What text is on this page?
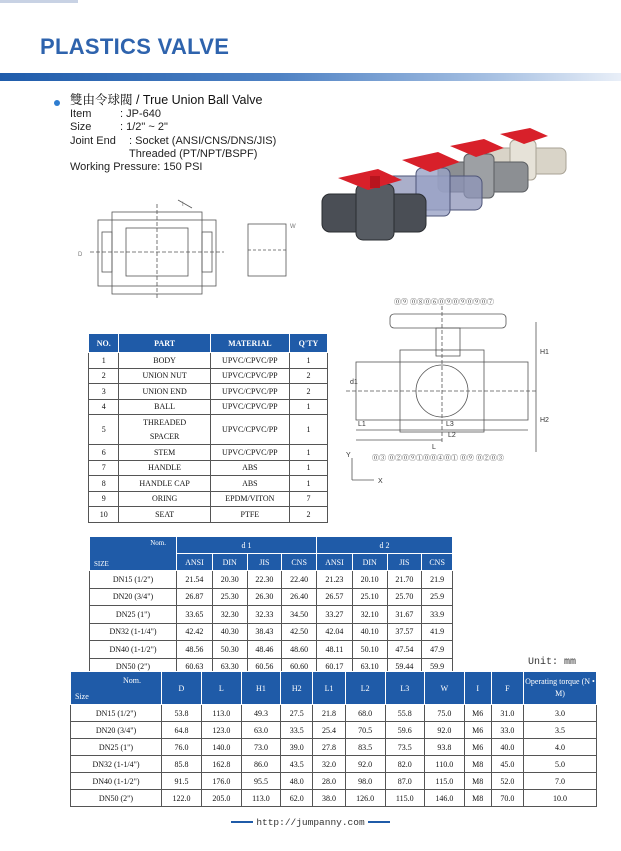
PLASTICS VALVE
雙由令球閥 / True Union Ball Valve
Item	: JP-640
Size	: 1/2" ~ 2"
Joint End : Socket (ANSI/CNS/DNS/JIS)
Threaded (PT/NPT/BSPF)
Working Pressure: 150 PSI
D
I
W
⓪⑨ ⓪⑧⓪⑥⓪⑨⓪⑨⓪⑨⓪⑦
⓪③ ⓪②⓪⑨①⓪⓪④⓪① ⓪⑨ ⓪②⓪③
H1
H2
L1	L3
L2
L
d1
Y
X
NO.	PART	MATERIAL	Q'TY
1	BODY	UPVC/CPVC/PP	1
2	UNION NUT	UPVC/CPVC/PP	2
3	UNION END	UPVC/CPVC/PP	2
4	BALL	UPVC/CPVC/PP	1
5	THREADED SPACER	UPVC/CPVC/PP	1
6	STEM	UPVC/CPVC/PP	1
7	HANDLE	ABS	1
8	HANDLE CAP	ABS	1
9	ORING	EPDM/VITON	7
10	SEAT	PTFE	2
Nom.
SIZE	d 1				d 2			
	ANSI	DIN	JIS	CNS	ANSI	DIN	JIS	CNS
DN15 (1/2")	21.54	20.30	22.30	22.40	21.23	20.10	21.70	21.9
DN20 (3/4")	26.87	25.30	26.30	26.40	26.57	25.10	25.70	25.9
DN25 (1")	33.65	32.30	32.33	34.50	33.27	32.10	31.67	33.9
DN32 (1-1/4")	42.42	40.30	38.43	42.50	42.04	40.10	37.57	41.9
DN40 (1-1/2")	48.56	50.30	48.46	48.60	48.11	50.10	47.54	47.9
DN50 (2")	60.63	63.30	60.56	60.60	60.17	63.10	59.44	59.9	Unit: mm
Nom.
Size	D	L	H1	H2	L1	L2	L3	W	I	F	Operating torque (N • M)
DN15 (1/2")	53.8	113.0	49.3	27.5	21.8	68.0	55.8	75.0	M6	31.0	3.0
DN20 (3/4")	64.8	123.0	63.0	33.5	25.4	70.5	59.6	92.0	M6	33.0	3.5
DN25 (1")	76.0	140.0	73.0	39.0	27.8	83.5	73.5	93.8	M6	40.0	4.0
DN32 (1-1/4")	85.8	162.8	86.0	43.5	32.0	92.0	82.0	110.0	M8	45.0	5.0
DN40 (1-1/2")	91.5	176.0	95.5	48.0	28.0	98.0	87.0	115.0	M8	52.0	7.0
DN50 (2")	122.0	205.0	113.0	62.0	38.0	126.0	115.0	146.0	M8	70.0	10.0
http://jumpanny.com
